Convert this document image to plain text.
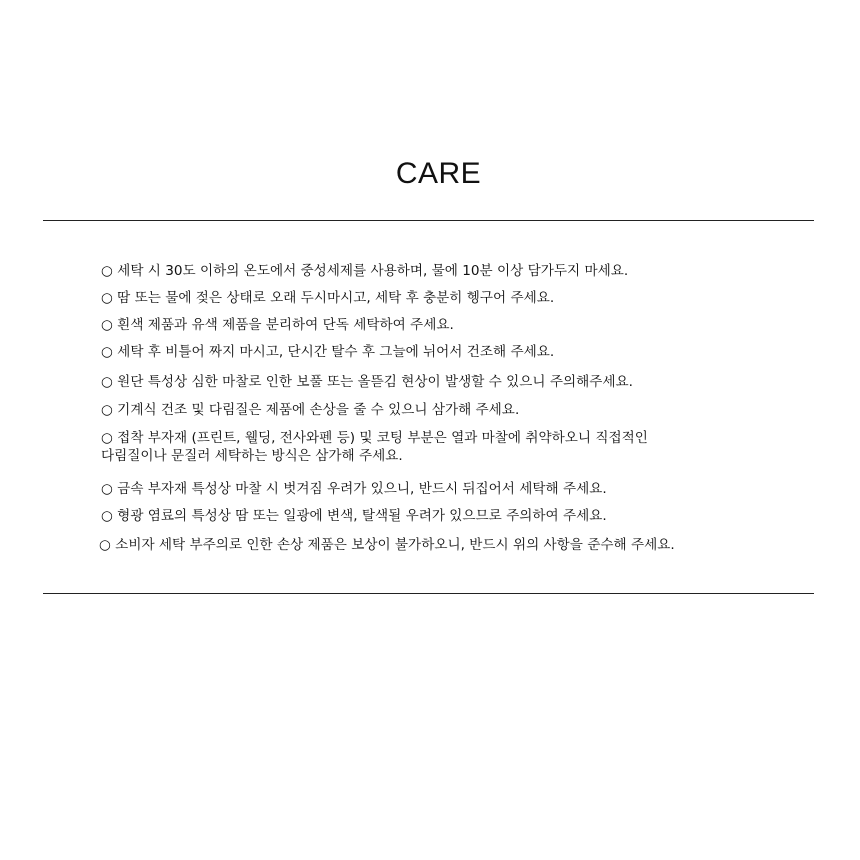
CARE
○ 세탁 시 30도 이하의 온도에서 중성세제를 사용하며, 물에 10분 이상 담가두지 마세요.
○ 땀 또는 물에 젖은 상태로 오래 두시마시고, 세탁 후 충분히 헹구어 주세요.
○ 흰색 제품과 유색 제품을 분리하여 단독 세탁하여 주세요.
○ 세탁 후 비틀어 짜지 마시고, 단시간 탈수 후 그늘에 뉘어서 건조해 주세요.
○ 원단 특성상 심한 마찰로 인한 보풀 또는 올뜯김 현상이 발생할 수 있으니 주의해주세요.
○ 기계식 건조 및 다림질은 제품에 손상을 줄 수 있으니 삼가해 주세요.
○ 접착 부자재 (프린트, 웰딩, 전사와펜 등) 및 코팅 부분은 열과 마찰에 취약하오니 직접적인
다림질이나 문질러 세탁하는 방식은 삼가해 주세요.
○ 금속 부자재 특성상 마찰 시 벗겨짐 우려가 있으니, 반드시 뒤집어서 세탁해 주세요.
○ 형광 염료의 특성상 땀 또는 일광에 변색, 탈색될 우려가 있으므로 주의하여 주세요.
○ 소비자 세탁 부주의로 인한 손상 제품은 보상이 불가하오니, 반드시 위의 사항을 준수해 주세요.
